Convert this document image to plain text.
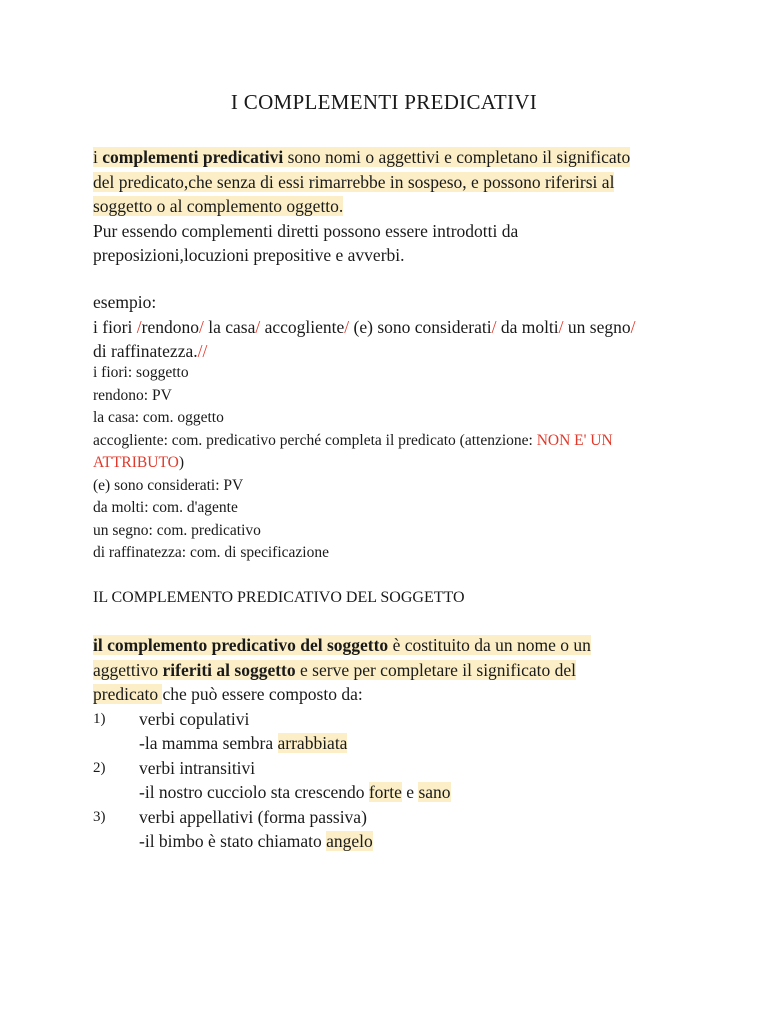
I COMPLEMENTI PREDICATIVI
i complementi predicativi sono nomi o aggettivi e completano il significato
del predicato,che senza di essi rimarrebbe in sospeso, e possono riferirsi al
soggetto o al complemento oggetto.
Pur essendo complementi diretti possono essere introdotti da
preposizioni,locuzioni prepositive e avverbi.
esempio:
i fiori /rendono/ la casa/ accogliente/ (e) sono considerati/ da molti/ un segno/
di raffinatezza.//
i fiori: soggetto
rendono: PV
la casa: com. oggetto
accogliente: com. predicativo perché completa il predicato (attenzione: NON E' UN
ATTRIBUTO)
(e) sono considerati: PV
da molti: com. d'agente
un segno: com. predicativo
di raffinatezza: com. di specificazione
IL COMPLEMENTO PREDICATIVO DEL SOGGETTO
il complemento predicativo del soggetto è costituito da un nome o un
aggettivo riferiti al soggetto e serve per completare il significato del
predicato che può essere composto da:
1)	verbi copulativi
-la mamma sembra arrabbiata
2)	verbi intransitivi
-il nostro cucciolo sta crescendo forte e sano
3)	verbi appellativi (forma passiva)
-il bimbo è stato chiamato angelo
